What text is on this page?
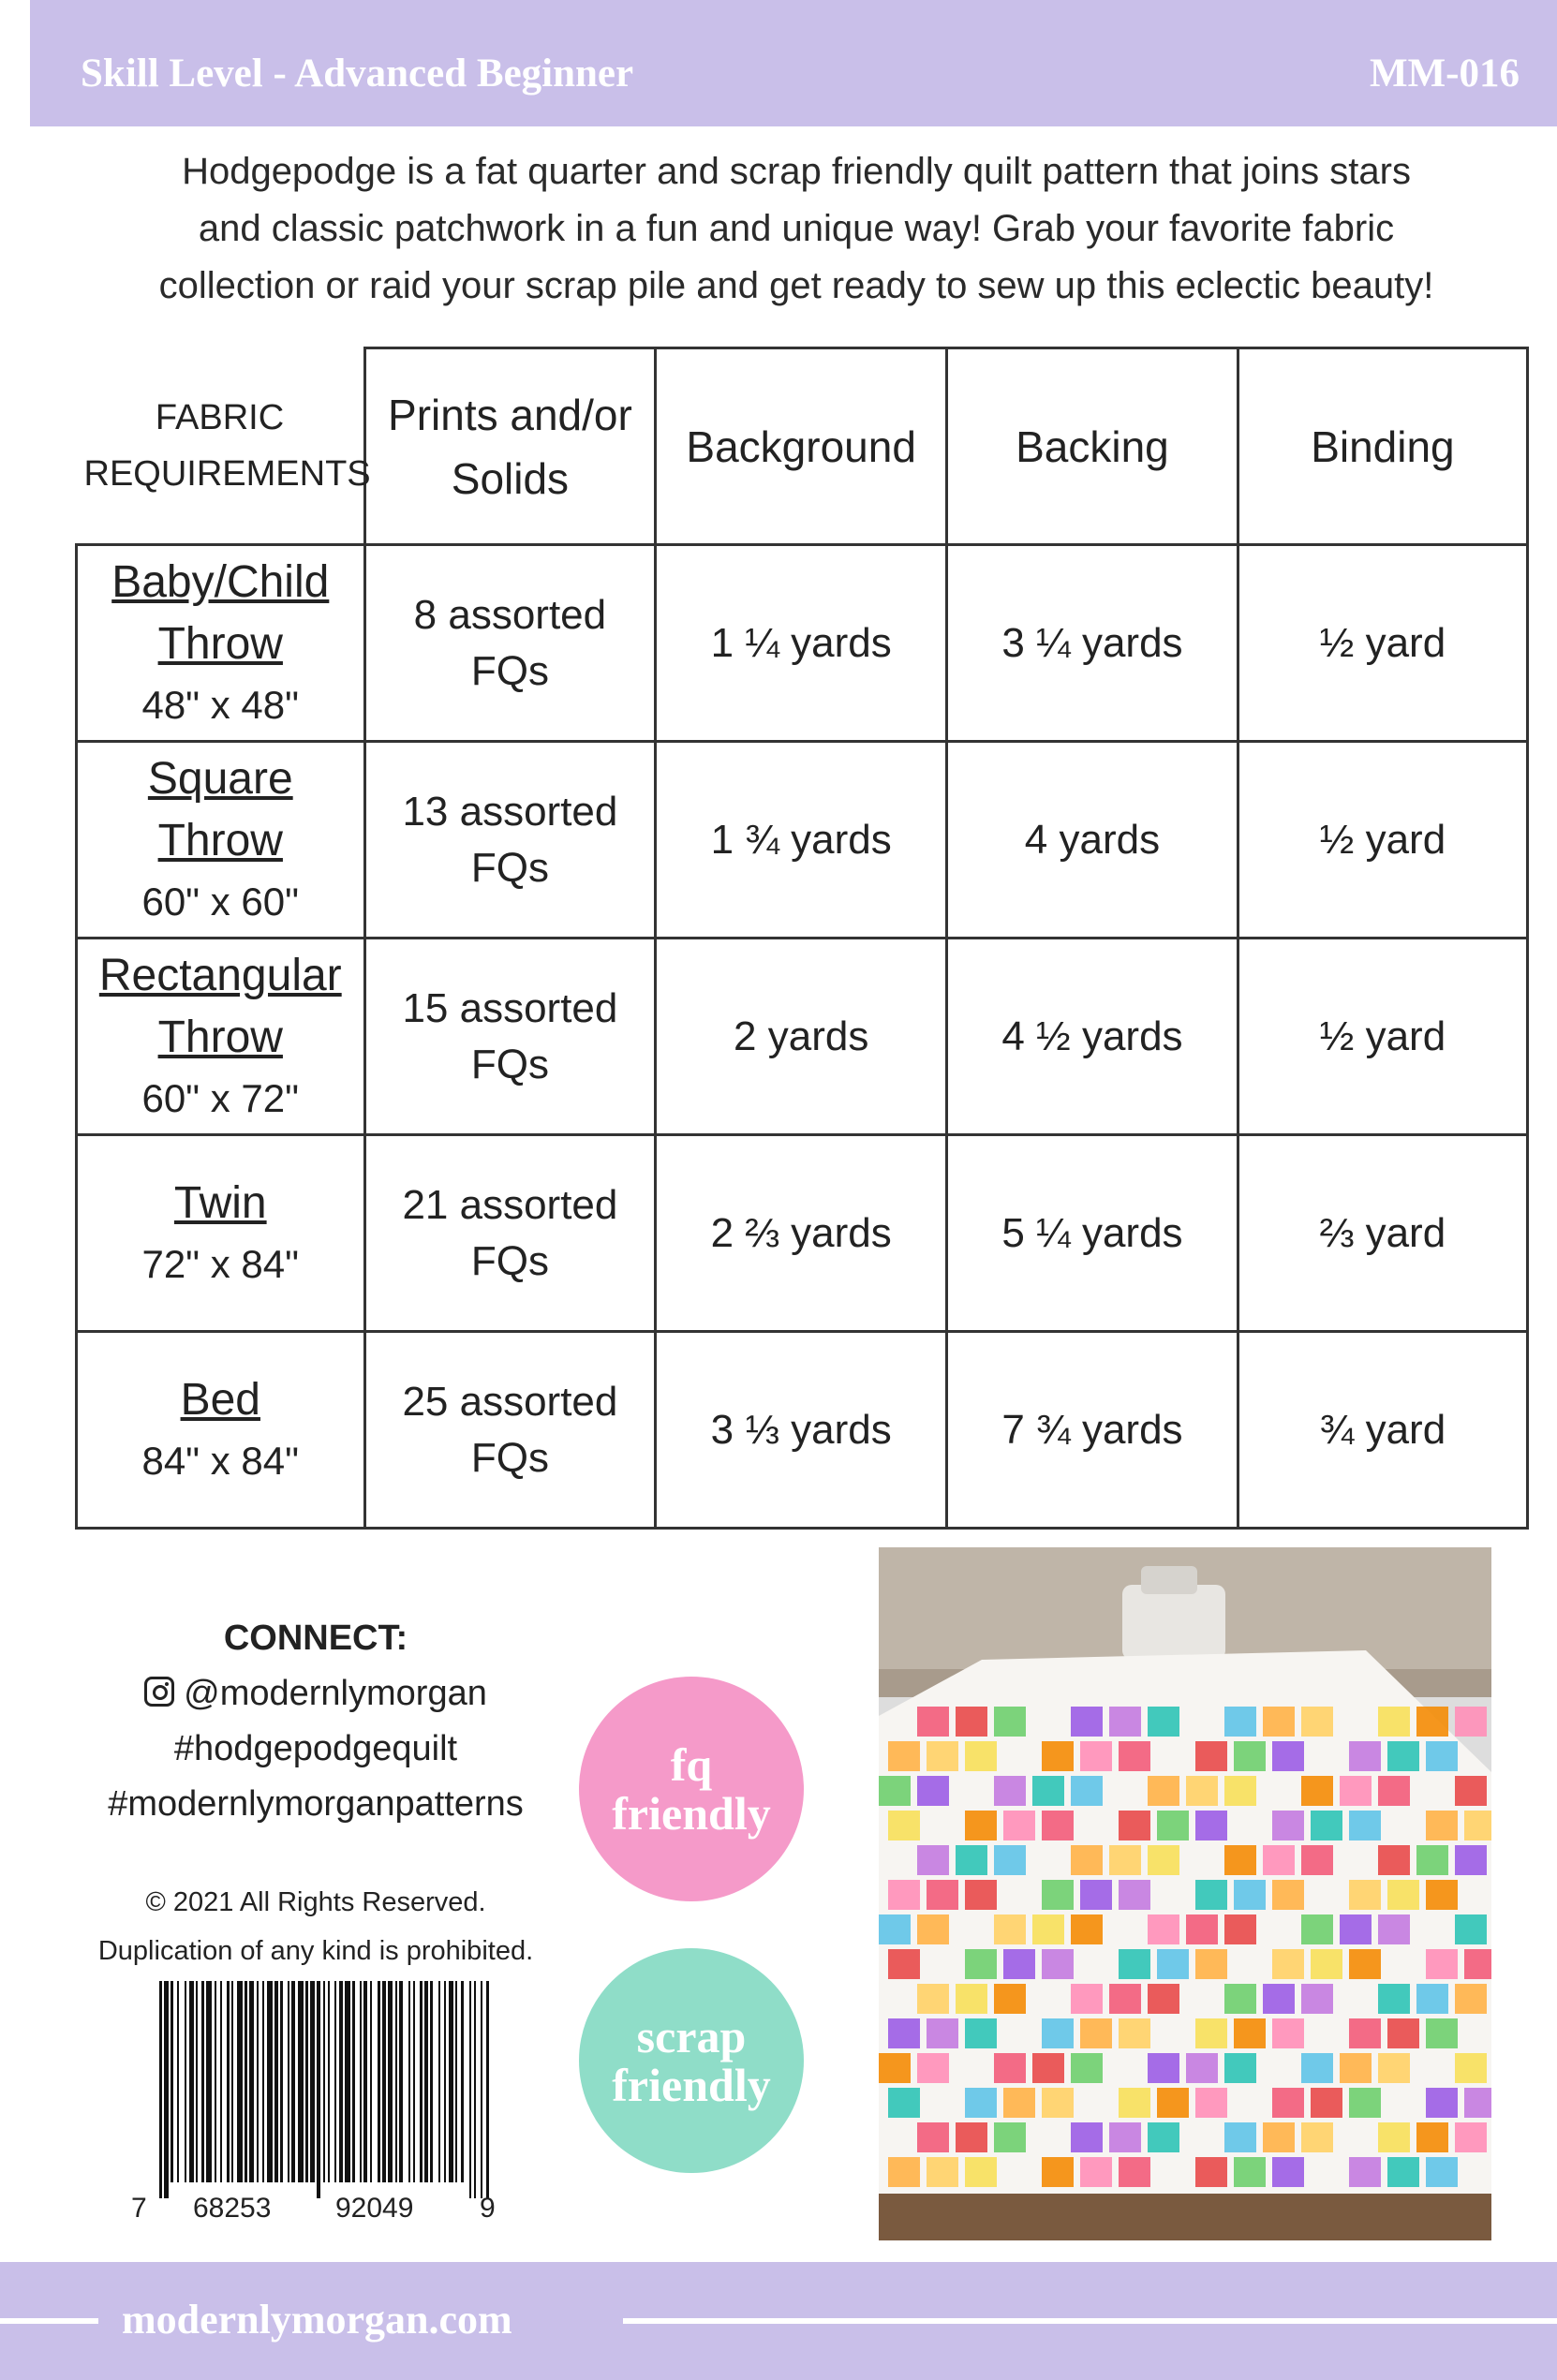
Skill Level - Advanced Beginner	MM-016
Hodgepodge is a fat quarter and scrap friendly quilt pattern that joins stars
and classic patchwork in a fun and unique way! Grab your favorite fabric
collection or raid your scrap pile and get ready to sew up this eclectic beauty!
FABRIC
REQUIREMENTS	Prints and/or Solids	Background	Backing	Binding

Baby/Child Throw
48" x 48"	8 assorted FQs	1 ¼ yards	3 ¼ yards	½ yard

Square Throw
60" x 60"	13 assorted FQs	1 ¾ yards	4 yards	½ yard

Rectangular Throw
60" x 72"	15 assorted FQs	2 yards	4 ½ yards	½ yard

Twin
72" x 84"	21 assorted FQs	2 ⅔ yards	5 ¼ yards	⅔ yard

Bed
84" x 84"	25 assorted FQs	3 ⅓ yards	7 ¾ yards	¾ yard
CONNECT:
@modernlymorgan
#hodgepodgequilt
#modernlymorganpatterns
© 2021 All Rights Reserved.
Duplication of any kind is prohibited.
7 68253 92049 9
fq
friendly
scrap
friendly
modernlymorgan.com
